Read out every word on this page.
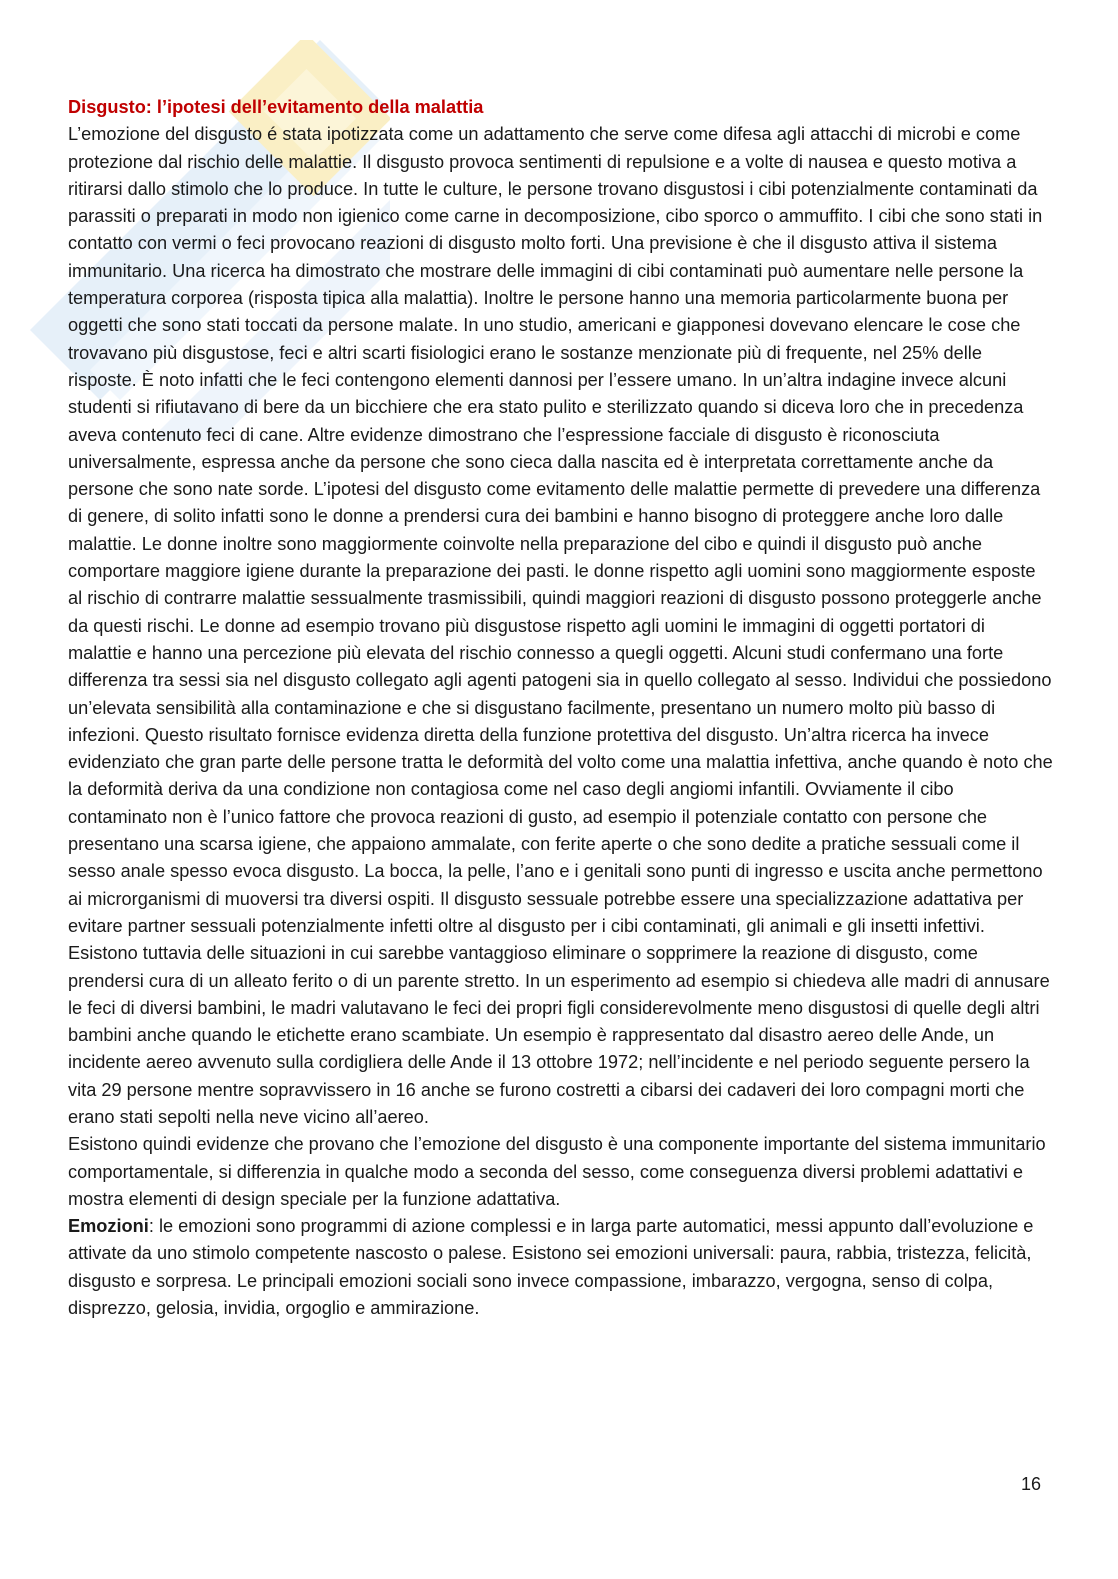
Disgusto: l’ipotesi dell’evitamento della malattia

L’emozione del disgusto é stata ipotizzata come un adattamento che serve come difesa agli attacchi di microbi e come protezione dal rischio delle malattie. Il disgusto provoca sentimenti di repulsione e a volte di nausea e questo motiva a ritirarsi dallo stimolo che lo produce. In tutte le culture, le persone trovano disgustosi i cibi potenzialmente contaminati da parassiti o preparati in modo non igienico come carne in decomposizione, cibo sporco o ammuffito. I cibi che sono stati in contatto con vermi o feci provocano reazioni di disgusto molto forti. Una previsione è che il disgusto attiva il sistema immunitario. Una ricerca ha dimostrato che mostrare delle immagini di cibi contaminati può aumentare nelle persone la temperatura corporea (risposta tipica alla malattia). Inoltre le persone hanno una memoria particolarmente buona per oggetti che sono stati toccati da persone malate. In uno studio, americani e giapponesi dovevano elencare le cose che trovavano più disgustose, feci e altri scarti fisiologici erano le sostanze menzionate più di frequente, nel 25% delle risposte. È noto infatti che le feci contengono elementi dannosi per l’essere umano. In un’altra indagine invece alcuni studenti si rifiutavano di bere da un bicchiere che era stato pulito e sterilizzato quando si diceva loro che in precedenza aveva contenuto feci di cane. Altre evidenze dimostrano che l’espressione facciale di disgusto è riconosciuta universalmente, espressa anche da persone che sono cieca dalla nascita ed è interpretata correttamente anche da persone che sono nate sorde. L’ipotesi del disgusto come evitamento delle malattie permette di prevedere una differenza di genere, di solito infatti sono le donne a prendersi cura dei bambini e hanno bisogno di proteggere anche loro dalle malattie. Le donne inoltre sono maggiormente coinvolte nella preparazione del cibo e quindi il disgusto può anche comportare maggiore igiene durante la preparazione dei pasti. le donne rispetto agli uomini sono maggiormente esposte al rischio di contrarre malattie sessualmente trasmissibili, quindi maggiori reazioni di disgusto possono proteggerle anche da questi rischi. Le donne ad esempio trovano più disgustose rispetto agli uomini le immagini di oggetti portatori di malattie e hanno una percezione più elevata del rischio connesso a quegli oggetti. Alcuni studi confermano una forte differenza tra sessi sia nel disgusto collegato agli agenti patogeni sia in quello collegato al sesso. Individui che possiedono un’elevata sensibilità alla contaminazione e che si disgustano facilmente, presentano un numero molto più basso di infezioni. Questo risultato fornisce evidenza diretta della funzione protettiva del disgusto. Un’altra ricerca ha invece evidenziato che gran parte delle persone tratta le deformità del volto come una malattia infettiva, anche quando è noto che la deformità deriva da una condizione non contagiosa come nel caso degli angiomi infantili. Ovviamente il cibo contaminato non è l’unico fattore che provoca reazioni di gusto, ad esempio il potenziale contatto con persone che presentano una scarsa igiene, che appaiono ammalate, con ferite aperte o che sono dedite a pratiche sessuali come il sesso anale spesso evoca disgusto. La bocca, la pelle, l’ano e i genitali sono punti di ingresso e uscita anche permettono ai microrganismi di muoversi tra diversi ospiti. Il disgusto sessuale potrebbe essere una specializzazione adattativa per evitare partner sessuali potenzialmente infetti oltre al disgusto per i cibi contaminati, gli animali e gli insetti infettivi. Esistono tuttavia delle situazioni in cui sarebbe vantaggioso eliminare o sopprimere la reazione di disgusto, come prendersi cura di un alleato ferito o di un parente stretto. In un esperimento ad esempio si chiedeva alle madri di annusare le feci di diversi bambini, le madri valutavano le feci dei propri figli considerevolmente meno disgustosi di quelle degli altri bambini anche quando le etichette erano scambiate. Un esempio è rappresentato dal disastro aereo delle Ande, un incidente aereo avvenuto sulla cordigliera delle Ande il 13 ottobre 1972; nell’incidente e nel periodo seguente persero la vita 29 persone mentre sopravvissero in 16 anche se furono costretti a cibarsi dei cadaveri dei loro compagni morti che erano stati sepolti nella neve vicino all’aereo.

Esistono quindi evidenze che provano che l’emozione del disgusto è una componente importante del sistema immunitario comportamentale, si differenzia in qualche modo a seconda del sesso, come conseguenza diversi problemi adattativi e mostra elementi di design speciale per la funzione adattativa.

Emozioni: le emozioni sono programmi di azione complessi e in larga parte automatici, messi appunto dall’evoluzione e attivate da uno stimolo competente nascosto o palese. Esistono sei emozioni universali: paura, rabbia, tristezza, felicità, disgusto e sorpresa. Le principali emozioni sociali sono invece compassione, imbarazzo, vergogna, senso di colpa, disprezzo, gelosia, invidia, orgoglio e ammirazione.

16
